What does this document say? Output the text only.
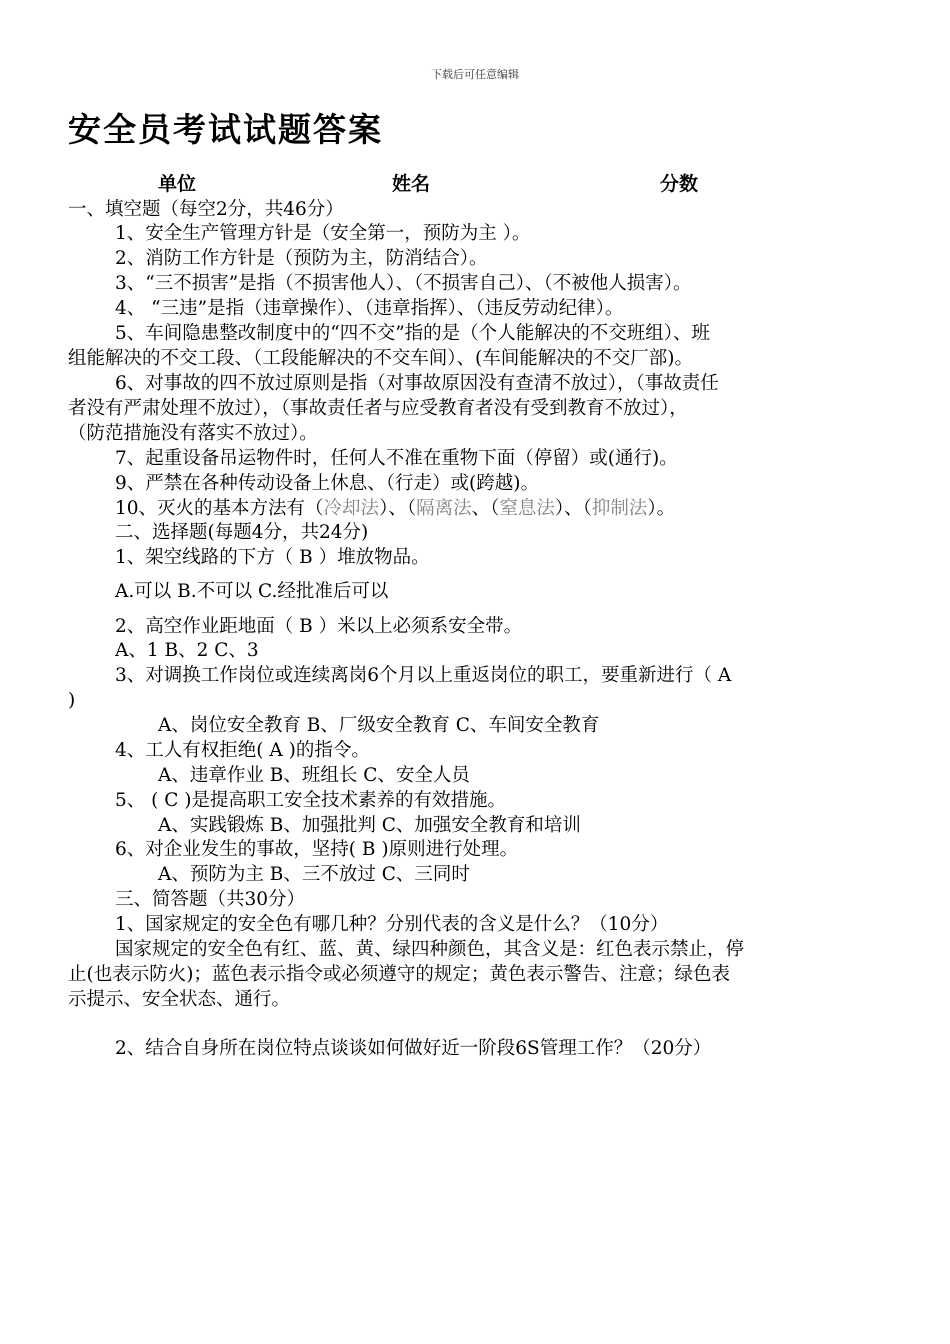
下载后可任意编辑
安全员考试试题答案
单位	姓名	分数
一、填空题（每空2分，共46分）
1、安全生产管理方针是（安全第一，预防为主 ）。
2、消防工作方针是（预防为主，防消结合）。
3、“三不损害”是指（不损害他人）、（不损害自己）、（不被他人损害）。
4、 “三违”是指（违章操作）、（违章指挥）、（违反劳动纪律）。
5、车间隐患整改制度中的“四不交”指的是（个人能解决的不交班组）、班
组能解决的不交工段、（工段能解决的不交车间）、(车间能解决的不交厂部)。
6、对事故的四不放过原则是指（对事故原因没有查清不放过），（事故责任
者没有严肃处理不放过），（事故责任者与应受教育者没有受到教育不放过），
（防范措施没有落实不放过）。
7、起重设备吊运物件时，任何人不准在重物下面（停留）或(通行)。
9、严禁在各种传动设备上休息、（行走）或(跨越)。
10、灭火的基本方法有（冷却法）、（隔离法、（窒息法）、（抑制法）。
二、选择题(每题4分，共24分)
1、架空线路的下方（ B ）堆放物品。
A.可以 B.不可以 C.经批准后可以
2、高空作业距地面（ B ）米以上必须系安全带。
A、1 B、2 C、3
3、对调换工作岗位或连续离岗6个月以上重返岗位的职工，要重新进行（ A
)
A、岗位安全教育 B、厂级安全教育 C、车间安全教育
4、工人有权拒绝( A )的指令。
A、违章作业 B、班组长 C、安全人员
5、 ( C )是提高职工安全技术素养的有效措施。
A、实践锻炼 B、加强批判 C、加强安全教育和培训
6、对企业发生的事故，坚持( B )原则进行处理。
A、预防为主 B、三不放过 C、三同时
三、简答题（共30分）
1、国家规定的安全色有哪几种？分别代表的含义是什么？（10分）
国家规定的安全色有红、蓝、黄、绿四种颜色，其含义是：红色表示禁止，停
止(也表示防火)；蓝色表示指令或必须遵守的规定；黄色表示警告、注意；绿色表
示提示、安全状态、通行。
2、结合自身所在岗位特点谈谈如何做好近一阶段6S管理工作？（20分）
